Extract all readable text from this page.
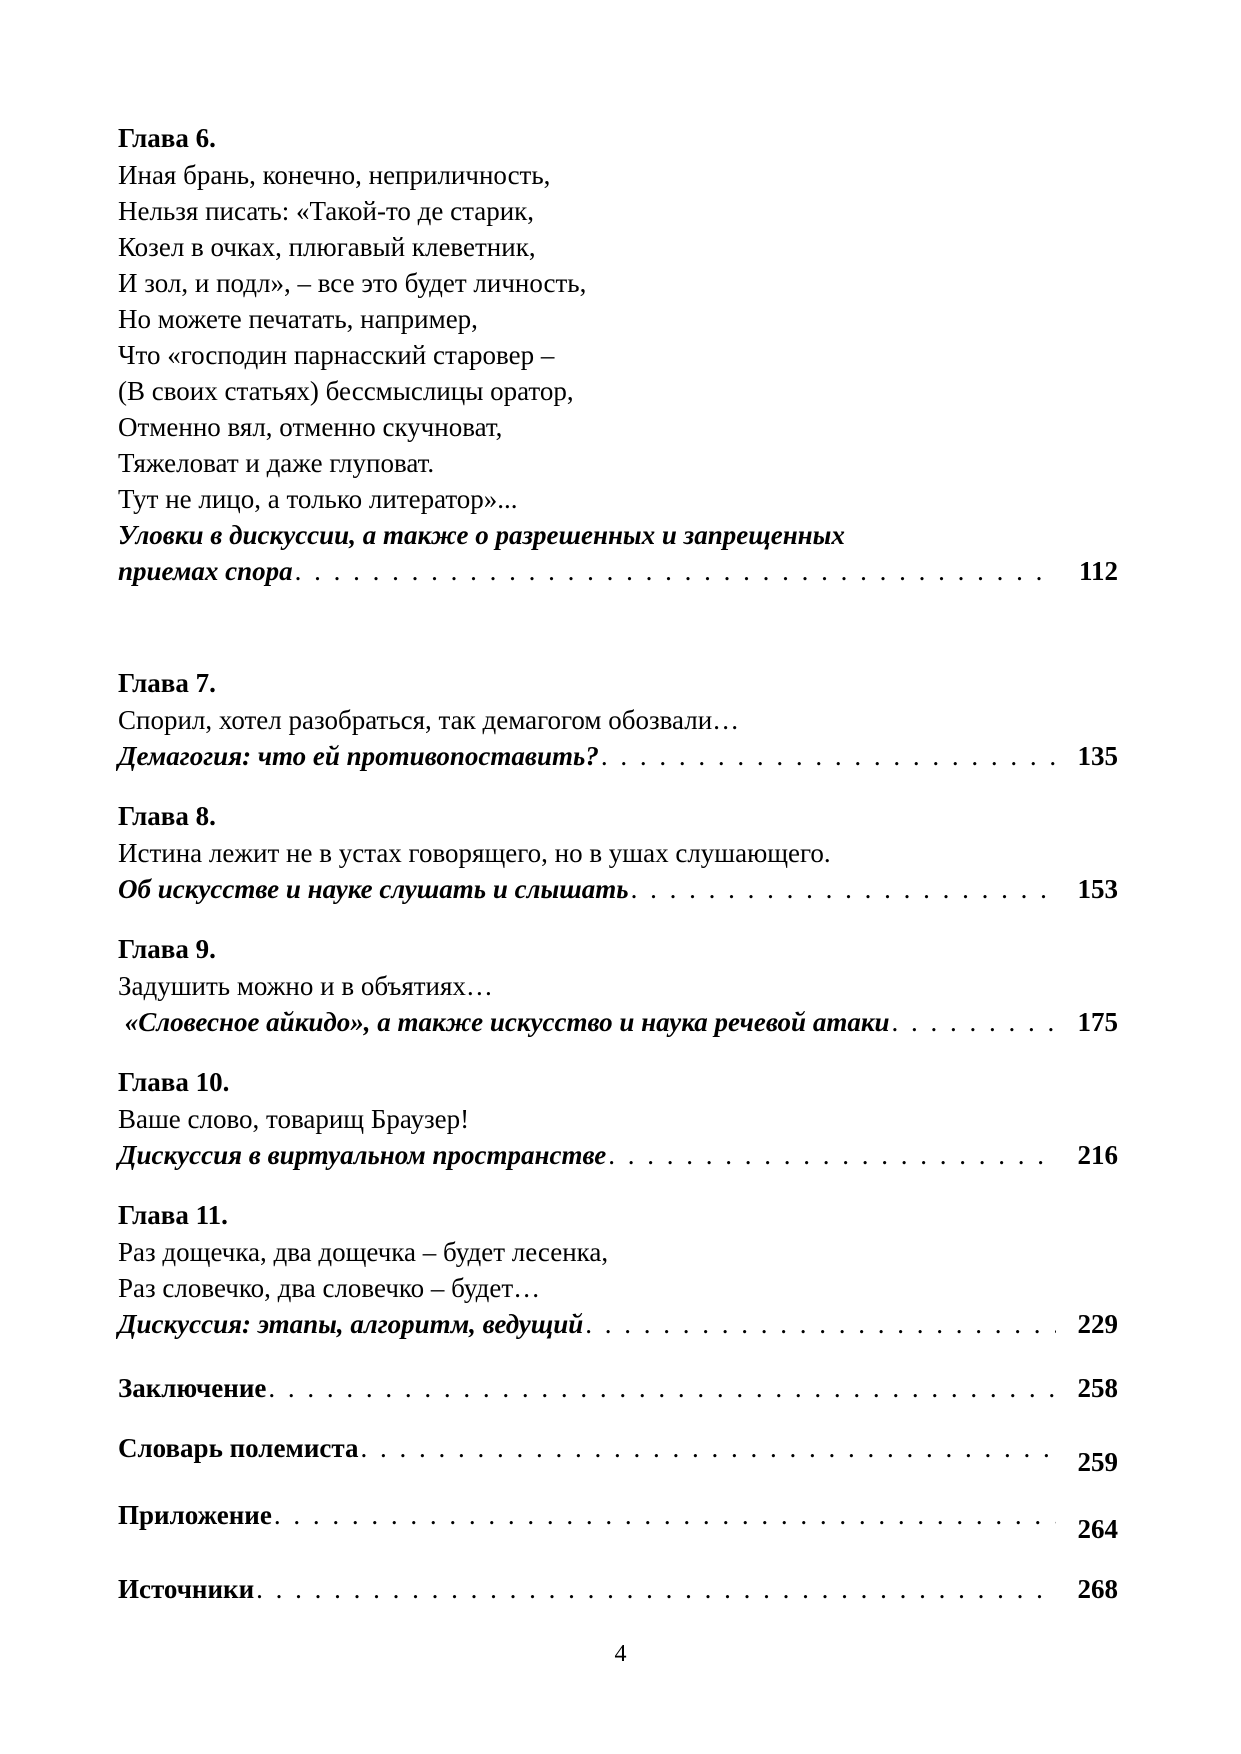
Глава 6.
Иная брань, конечно, неприличность,
Нельзя писать: «Такой-то де старик,
Козел в очках, плюгавый клеветник,
И зол, и подл», – все это будет личность,
Но можете печатать, например,
Что «господин парнасский старовер –
(В своих статьях) бессмыслицы оратор,
Отменно вял, отменно скучноват,
Тяжеловат и даже глуповат.
Тут не лицо, а только литератор»...
Уловки в дискуссии, а также о разрешенных и запрещенных
приемах спора . . .	112
Глава 7.
Спорил, хотел разобраться, так демагогом обозвали…
Демагогия: что ей противопоставить? . . .	135
Глава 8.
Истина лежит не в устах говорящего, но в ушах слушающего.
Об искусстве и науке слушать и слышать . . .	153
Глава 9.
Задушить можно и в объятиях…
«Словесное айкидо», а также искусство и наука речевой атаки . . .	175
Глава 10.
Ваше слово, товарищ Браузер!
Дискуссия в виртуальном пространстве . . .	216
Глава 11.
Раз дощечка, два дощечка – будет лесенка,
Раз словечко, два словечко – будет…
Дискуссия: этапы, алгоритм, ведущий . . .	229
Заключение . . .	258
Словарь полемиста . . .	259
Приложение . . .	264
Источники . . .	268
4
